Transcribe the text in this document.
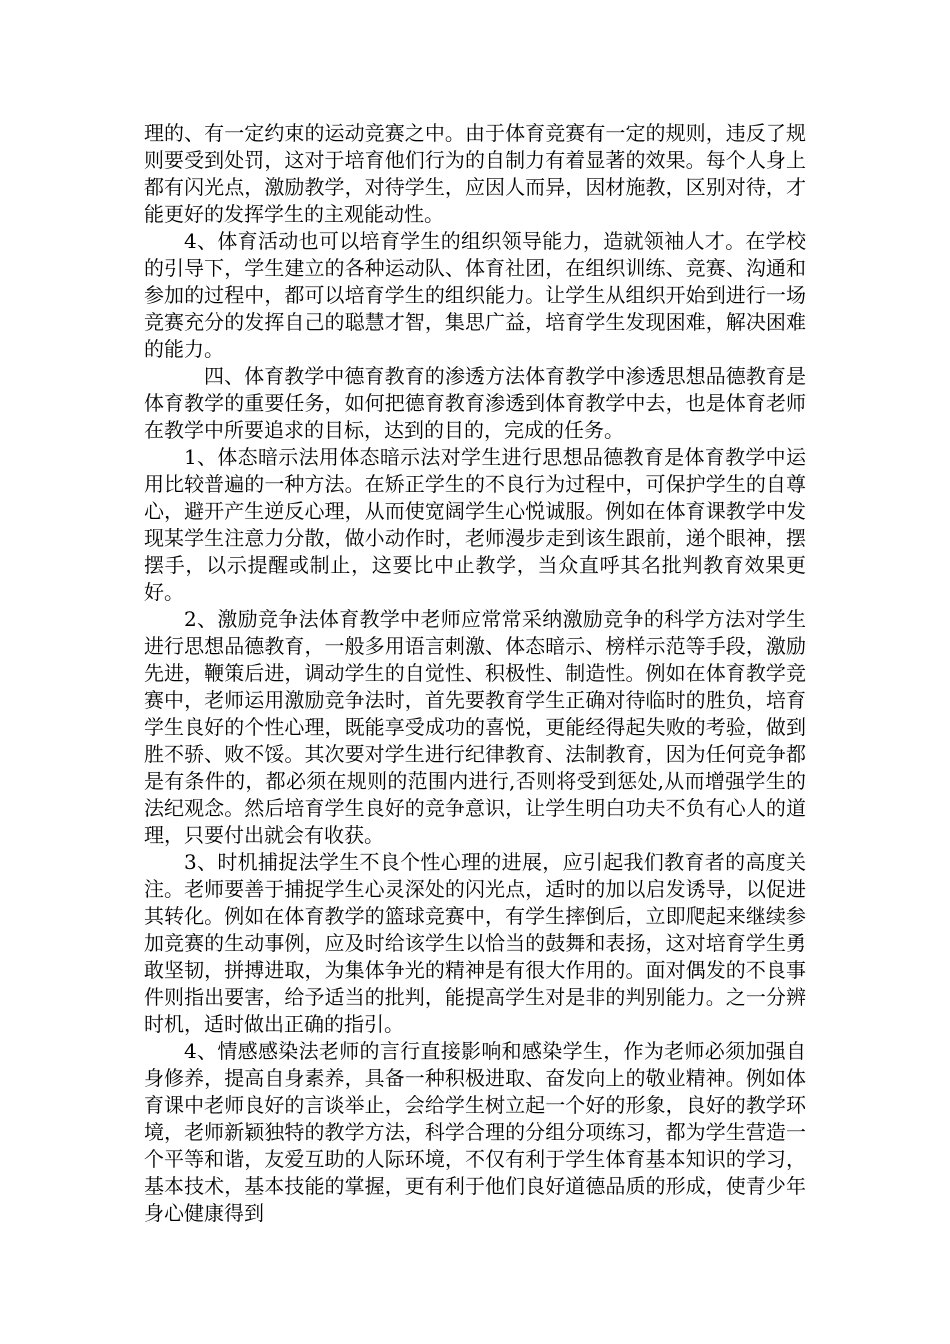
理的、有一定约束的运动竞赛之中。由于体育竞赛有一定的规则，违反了规则要受到处罚，这对于培育他们行为的自制力有着显著的效果。每个人身上都有闪光点，激励教学，对待学生，应因人而异，因材施教，区别对待，才能更好的发挥学生的主观能动性。

4、体育活动也可以培育学生的组织领导能力，造就领袖人才。在学校的引导下，学生建立的各种运动队、体育社团，在组织训练、竞赛、沟通和参加的过程中，都可以培育学生的组织能力。让学生从组织开始到进行一场竞赛充分的发挥自己的聪慧才智，集思广益，培育学生发现困难，解决困难的能力。

四、体育教学中德育教育的渗透方法体育教学中渗透思想品德教育是体育教学的重要任务，如何把德育教育渗透到体育教学中去，也是体育老师在教学中所要追求的目标，达到的目的，完成的任务。

1、体态暗示法用体态暗示法对学生进行思想品德教育是体育教学中运用比较普遍的一种方法。在矫正学生的不良行为过程中，可保护学生的自尊心，避开产生逆反心理，从而使宽阔学生心悦诚服。例如在体育课教学中发现某学生注意力分散，做小动作时，老师漫步走到该生跟前，递个眼神，摆摆手，以示提醒或制止，这要比中止教学，当众直呼其名批判教育效果更好。

2、激励竞争法体育教学中老师应常常采纳激励竞争的科学方法对学生进行思想品德教育，一般多用语言刺激、体态暗示、榜样示范等手段，激励先进，鞭策后进，调动学生的自觉性、积极性、制造性。例如在体育教学竞赛中，老师运用激励竞争法时，首先要教育学生正确对待临时的胜负，培育学生良好的个性心理，既能享受成功的喜悦，更能经得起失败的考验，做到胜不骄、败不馁。其次要对学生进行纪律教育、法制教育，因为任何竞争都是有条件的，都必须在规则的范围内进行,否则将受到惩处,从而增强学生的法纪观念。然后培育学生良好的竞争意识，让学生明白功夫不负有心人的道理，只要付出就会有收获。

3、时机捕捉法学生不良个性心理的进展，应引起我们教育者的高度关注。老师要善于捕捉学生心灵深处的闪光点，适时的加以启发诱导，以促进其转化。例如在体育教学的篮球竞赛中，有学生摔倒后，立即爬起来继续参加竞赛的生动事例，应及时给该学生以恰当的鼓舞和表扬，这对培育学生勇敢坚韧，拼搏进取，为集体争光的精神是有很大作用的。面对偶发的不良事件则指出要害，给予适当的批判，能提高学生对是非的判别能力。之一分辨时机，适时做出正确的指引。

4、情感感染法老师的言行直接影响和感染学生，作为老师必须加强自身修养，提高自身素养，具备一种积极进取、奋发向上的敬业精神。例如体育课中老师良好的言谈举止，会给学生树立起一个好的形象，良好的教学环境，老师新颖独特的教学方法，科学合理的分组分项练习，都为学生营造一个平等和谐，友爱互助的人际环境，不仅有利于学生体育基本知识的学习，基本技术，基本技能的掌握，更有利于他们良好道德品质的形成，使青少年身心健康得到
